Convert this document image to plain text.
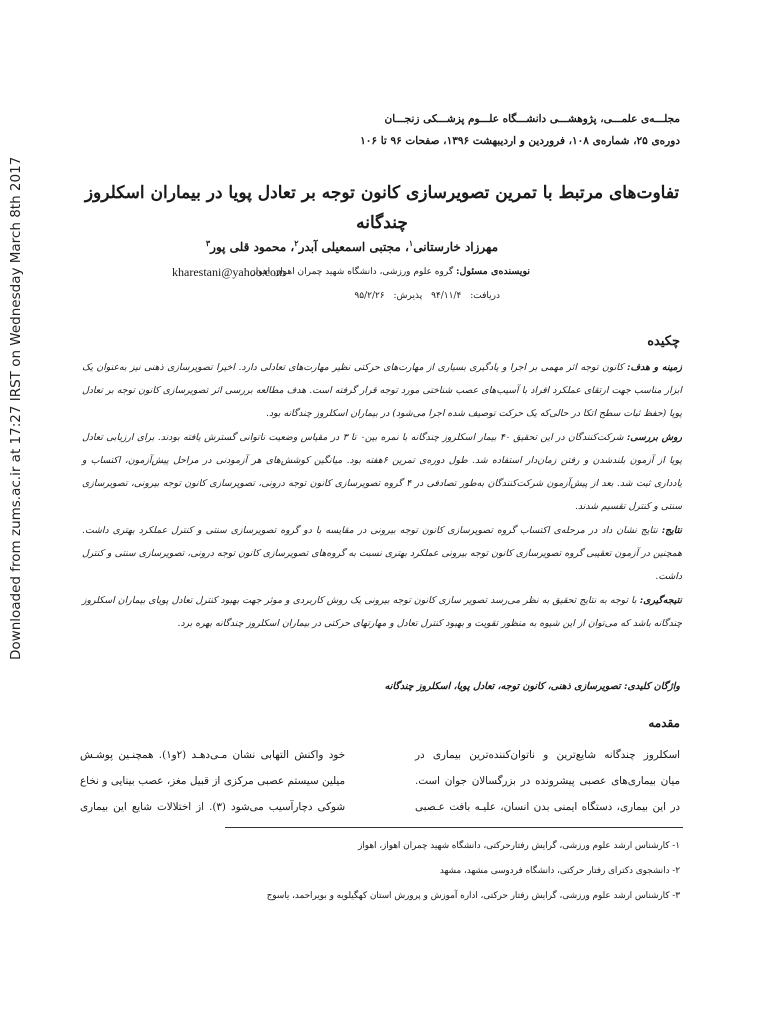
Downloaded from zums.ac.ir at 17:27 IRST on Wednesday March 8th 2017
مجلـــه‌ی علمـــی، پژوهشـــی دانشـــگاه علـــوم پزشـــکی زنجـــان
دوره‌ی ۲۵، شماره‌ی ۱۰۸، فروردین و اردیبهشت ۱۳۹۶، صفحات ۹۶ تا ۱۰۶
تفاوت‌های مرتبط با تمرین تصویرسازی کانون توجه بر تعادل پویا در بیماران اسکلروز چندگانه
مهرزاد خارستانی$^۱$، مجتبی اسمعیلی آبدر$^۲$، محمود قلی پور$^۳$
نویسنده‌ی مسئول: گروه علوم ورزشی، دانشگاه شهید چمران اهواز، اهواز
kharestani@yahoo.com
دریافت: ۹۴/۱۱/۴ پذیرش: ۹۵/۲/۲۶
چکیده

زمینه و هدف: کانون توجه اثر مهمی بر اجرا و یادگیری بسیاری از مهارت‌های حرکتی نظیر مهارت‌های تعادلی دارد. اخیرا تصویرسازی ذهنی نیز به‌عنوان یک ابزار مناسب جهت ارتقای عملکرد افراد با آسیب‌های عصب شناختی مورد توجه قرار گرفته است. هدف مطالعه بررسی اثر تصویرسازی کانون توجه بر تعادل پویا (حفظ ثبات سطح اتکا در حالی‌که یک حرکت توصیف شده اجرا می‌شود) در بیماران اسکلروز چندگانه بود.

روش بررسی: شرکت‌کنندگان در این تحقیق ۴۰ بیمار اسکلروز چندگانه با نمره بین۰ تا ۳ در مقیاس وضعیت ناتوانی گسترش یافته بودند. برای ارزیابی تعادل پویا از آزمون بلندشدن و رفتن زمان‌دار استفاده شد. طول دوره‌ی تمرین ۶هفته بود. میانگین کوشش‌های هر آزمودنی در مراحل پیش‌آزمون، اکتساب و یادداری ثبت شد. بعد از پیش‌آزمون شرکت‌کنندگان به‌طور تصادفی در ۴ گروه تصویرسازی کانون توجه درونی، تصویرسازی کانون توجه بیرونی، تصویرسازی سنتی و کنترل تقسیم شدند.

نتایج: نتایج نشان داد در مرحله‌ی اکتساب گروه تصویرسازی کانون توجه بیرونی در مقایسه با دو گروه تصویرسازی سنتی و کنترل عملکرد بهتری داشت. همچنین در آزمون تعقیبی گروه تصویرسازی کانون توجه بیرونی عملکرد بهتری نسبت به گروه‌های تصویرسازی کانون توجه درونی، تصویرسازی سنتی و کنترل داشت.

نتیجه‌گیری: با توجه به نتایج تحقیق به نظر می‌رسد تصویر سازی کانون توجه بیرونی یک روش کاربردی و موثر جهت بهبود کنترل تعادل پویای بیماران اسکلروز چندگانه باشد که می‌توان از این شیوه به منظور تقویت و بهبود کنترل تعادل و مهارتهای حرکتی در بیماران اسکلروز چندگانه بهره برد.

واژگان کلیدی: تصویرسازی ذهنی، کانون توجه، تعادل پویا، اسکلروز چندگانه
مقدمه
اسکلروز چندگانه شایع‌ترین و ناتوان‌کننده‌ترین بیماری در
میان بیماری‌های عصبی پیشرونده در بزرگسالان جوان است.
در این بیماری، دستگاه ایمنی بدن انسان، علیـه بافت عـصبی
خود واکنش التهابی نشان مـی‌دهـد (۲و۱). همچنـین پوشـش
میلین سیستم عصبی مرکزی از قبیل مغز، عصب بینایی و نخاع
شوکی دچارآسیب می‌شود (۳). از اختلالات شایع این بیماری
۱- کارشناس ارشد علوم ورزشی، گرایش رفتارحرکتی، دانشگاه شهید چمران اهواز، اهواز
۲- دانشجوی دکترای رفتار حرکتی، دانشگاه فردوسی مشهد، مشهد
۳- کارشناس ارشد علوم ورزشی، گرایش رفتار حرکتی، اداره آموزش و پرورش استان کهگیلویه و بویراحمد، یاسوج
